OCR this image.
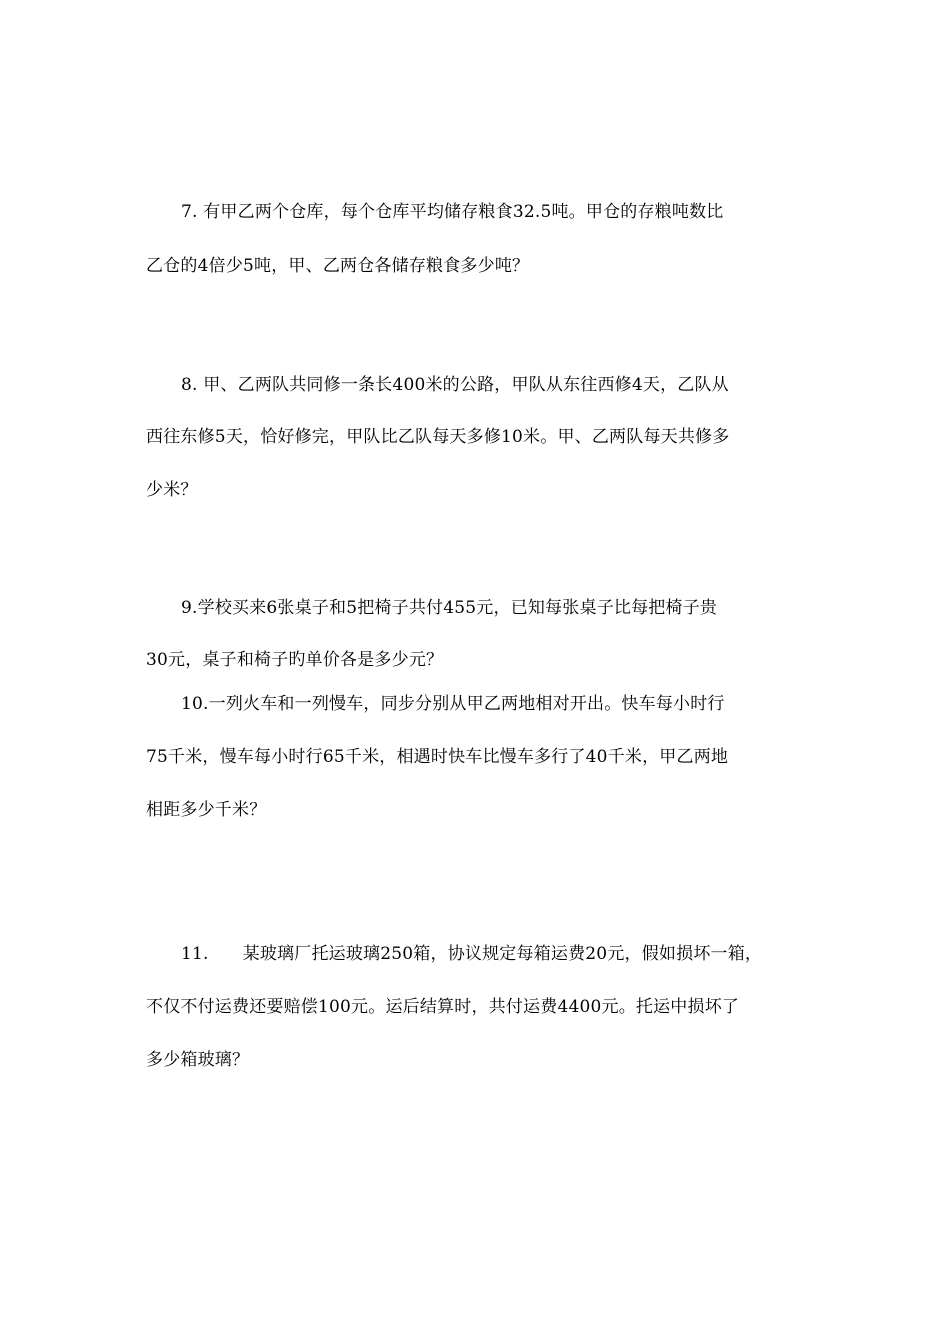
7. 有甲乙两个仓库，每个仓库平均储存粮食32.5吨。甲仓的存粮吨数比
乙仓的4倍少5吨，甲、乙两仓各储存粮食多少吨？
8. 甲、乙两队共同修一条长400米的公路，甲队从东往西修4天，乙队从
西往东修5天，恰好修完，甲队比乙队每天多修10米。甲、乙两队每天共修多
少米？
9.学校买来6张桌子和5把椅子共付455元，已知每张桌子比每把椅子贵
30元，桌子和椅子旳单价各是多少元？
10.一列火车和一列慢车，同步分别从甲乙两地相对开出。快车每小时行
75千米，慢车每小时行65千米，相遇时快车比慢车多行了40千米，甲乙两地
相距多少千米？
11. 某玻璃厂托运玻璃250箱，协议规定每箱运费20元，假如损坏一箱，
不仅不付运费还要赔偿100元。运后结算时，共付运费4400元。托运中损坏了
多少箱玻璃？
